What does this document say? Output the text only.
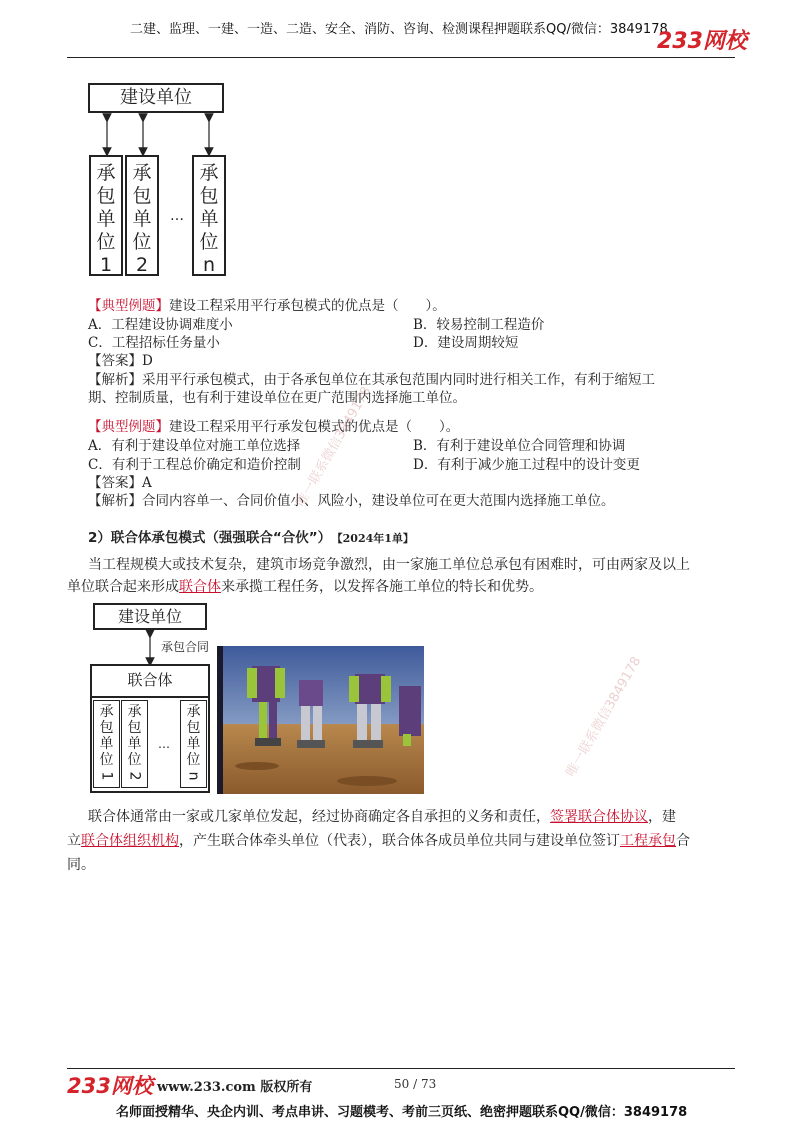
二建、监理、一建、一造、二造、安全、消防、咨询、检测课程押题联系QQ/微信：3849178
233网校
建设单位
承
包
单
位
1
承
包
单
位
2
…
承
包
单
位
n
【典型例题】建设工程采用平行承包模式的优点是（　　）。
A．工程建设协调难度小	B．较易控制工程造价
C．工程招标任务量小	D．建设周期较短
【答案】D
【解析】采用平行承包模式，由于各承包单位在其承包范围内同时进行相关工作，有利于缩短工
期、控制质量，也有利于建设单位在更广范围内选择施工单位。
【典型例题】建设工程采用平行承发包模式的优点是（　　）。
A．有利于建设单位对施工单位选择	B．有利于建设单位合同管理和协调
C．有利于工程总价确定和造价控制	D．有利于减少施工过程中的设计变更
【答案】A
【解析】合同内容单一、合同价值小、风险小，建设单位可在更大范围内选择施工单位。
2）联合体承包模式（强强联合“合伙”） 【2024年1单】
当工程规模大或技术复杂，建筑市场竞争激烈，由一家施工单位总承包有困难时，可由两家及以上
单位联合起来形成联合体来承揽工程任务，以发挥各施工单位的特长和优势。
建设单位
承包合同
联合体
承
包
单
位
1
承
包
单
位
2
…
承
包
单
位
n
联合体通常由一家或几家单位发起，经过协商确定各自承担的义务和责任，签署联合体协议，建
立联合体组织机构，产生联合体牵头单位（代表），联合体各成员单位共同与建设单位签订工程承包合
同。
唯一联系微信3849178
唯一联系微信3849178
233网校 www.233.com 版权所有	50 / 73
名师面授精华、央企内训、考点串讲、习题模考、考前三页纸、绝密押题联系QQ/微信：3849178
